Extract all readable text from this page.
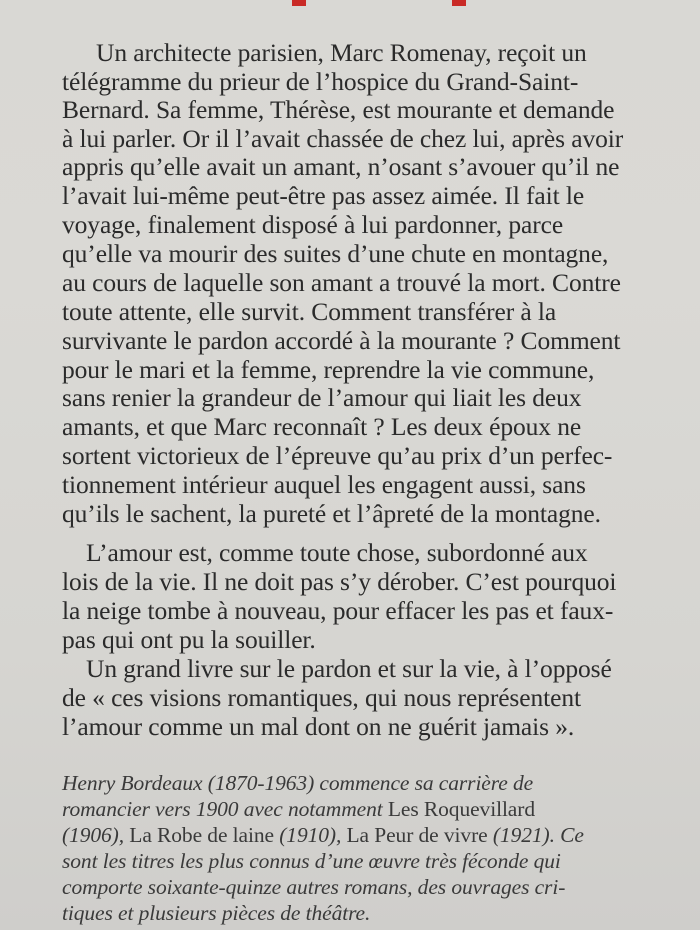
Un architecte parisien, Marc Romenay, reçoit un
télégramme du prieur de l’hospice du Grand-Saint-
Bernard. Sa femme, Thérèse, est mourante et demande
à lui parler. Or il l’avait chassée de chez lui, après avoir
appris qu’elle avait un amant, n’osant s’avouer qu’il ne
l’avait lui-même peut-être pas assez aimée. Il fait le
voyage, finalement disposé à lui pardonner, parce
qu’elle va mourir des suites d’une chute en montagne,
au cours de laquelle son amant a trouvé la mort. Contre
toute attente, elle survit. Comment transférer à la
survivante le pardon accordé à la mourante ? Comment
pour le mari et la femme, reprendre la vie commune,
sans renier la grandeur de l’amour qui liait les deux
amants, et que Marc reconnaît ? Les deux époux ne
sortent victorieux de l’épreuve qu’au prix d’un perfec-
tionnement intérieur auquel les engagent aussi, sans
qu’ils le sachent, la pureté et l’âpreté de la montagne.
L’amour est, comme toute chose, subordonné aux
lois de la vie. Il ne doit pas s’y dérober. C’est pourquoi
la neige tombe à nouveau, pour effacer les pas et faux-
pas qui ont pu la souiller.
Un grand livre sur le pardon et sur la vie, à l’opposé
de « ces visions romantiques, qui nous représentent
l’amour comme un mal dont on ne guérit jamais ».
Henry Bordeaux (1870-1963) commence sa carrière de
romancier vers 1900 avec notamment Les Roquevillard
(1906), La Robe de laine (1910), La Peur de vivre (1921). Ce
sont les titres les plus connus d’une œuvre très féconde qui
comporte soixante-quinze autres romans, des ouvrages cri-
tiques et plusieurs pièces de théâtre.
